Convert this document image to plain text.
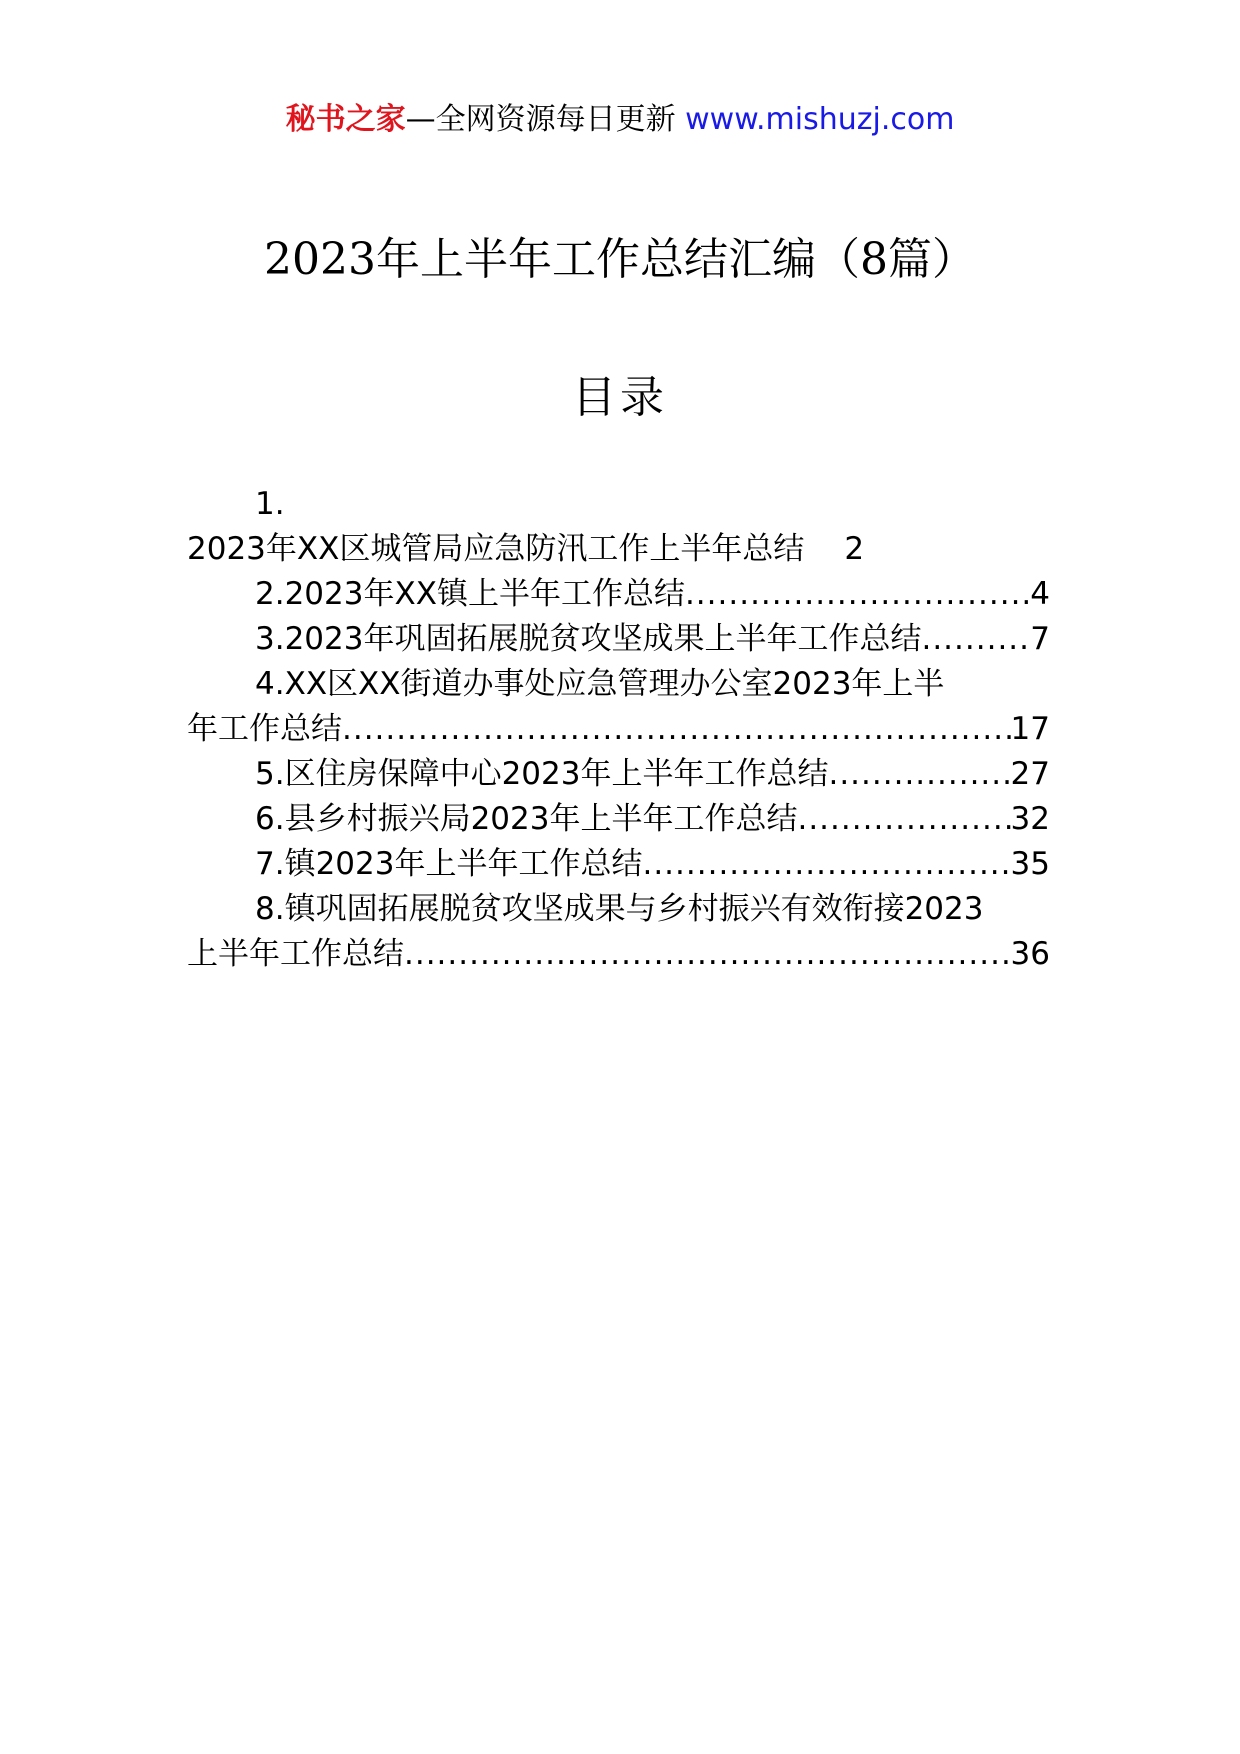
秘书之家—全网资源每日更新 www.mishuzj.com
2023年上半年工作总结汇编（8篇）
目录
1.
2023年XX区城管局应急防汛工作上半年总结	2
2.2023年XX镇上半年工作总结 .....	4
3.2023年巩固拓展脱贫攻坚成果上半年工作总结 .....	7
4.XX区XX街道办事处应急管理办公室2023年上半
年工作总结 .....	17
5.区住房保障中心2023年上半年工作总结 .....	27
6.县乡村振兴局2023年上半年工作总结 .....	32
7.镇2023年上半年工作总结 .....	35
8.镇巩固拓展脱贫攻坚成果与乡村振兴有效衔接2023
上半年工作总结 .....	36
